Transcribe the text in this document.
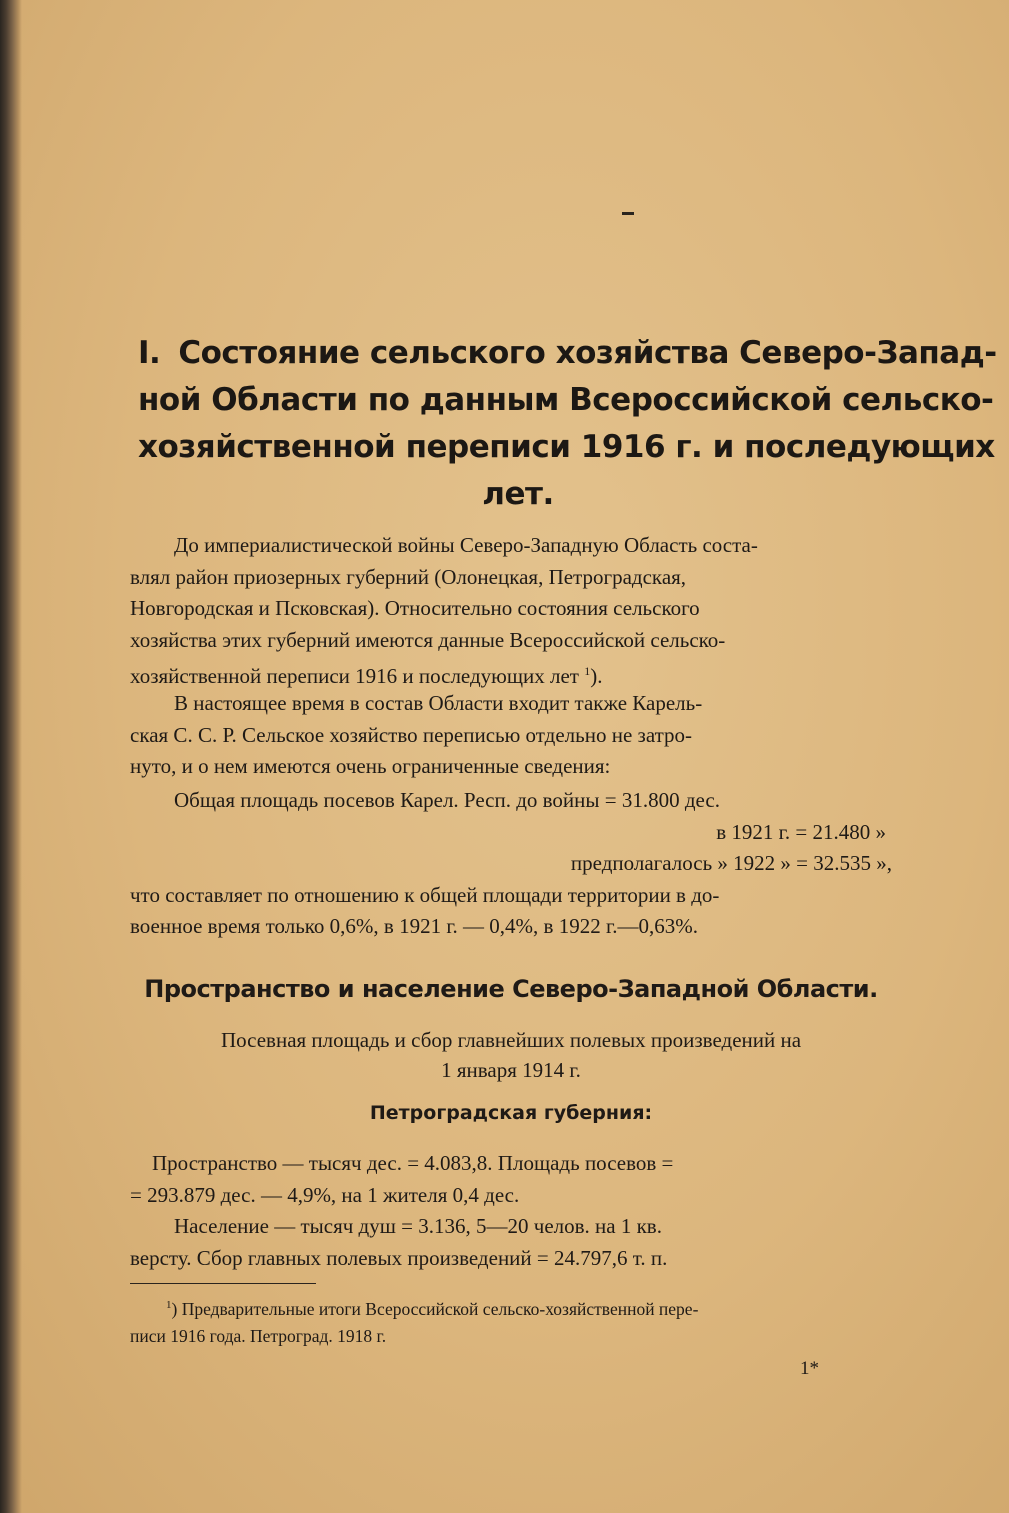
I. Состояние сельского хозяйства Северо-Запад-
ной Области по данным Всероссийской сельско-
хозяйственной переписи 1916 г. и последующих
лет.

До империалистической войны Северо-Западную Область соста-
влял район приозерных губерний (Олонецкая, Петроградская,
Новгородская и Псковская). Относительно состояния сельского
хозяйства этих губерний имеются данные Всероссийской сельско-
хозяйственной переписи 1916 и последующих лет $^1$).

В настоящее время в состав Области входит также Карель-
ская С. С. Р. Сельское хозяйство переписью отдельно не затро-
нуто, и о нем имеются очень ограниченные сведения:

Общая площадь посевов Карел. Респ. до войны = 31.800 дес.
в 1921 г. = 21.480 »
предполагалось » 1922 » = 32.535 »,
что составляет по отношению к общей площади территории в до-
военное время только 0,6%, в 1921 г. — 0,4%, в 1922 г.—0,63%.

Пространство и население Северо-Западной Области.

Посевная площадь и сбор главнейших полевых произведений на
1 января 1914 г.

Петроградская губерния:

Пространство — тысяч дес. = 4.083,8. Площадь посевов =
= 293.879 дес. — 4,9%, на 1 жителя 0,4 дес.
Население — тысяч душ = 3.136, 5—20 челов. на 1 кв.
версту. Сбор главных полевых произведений = 24.797,6 т. п.

$^1$) Предварительные итоги Всероссийской сельско-хозяйственной пере-
писи 1916 года. Петроград. 1918 г.

1*
